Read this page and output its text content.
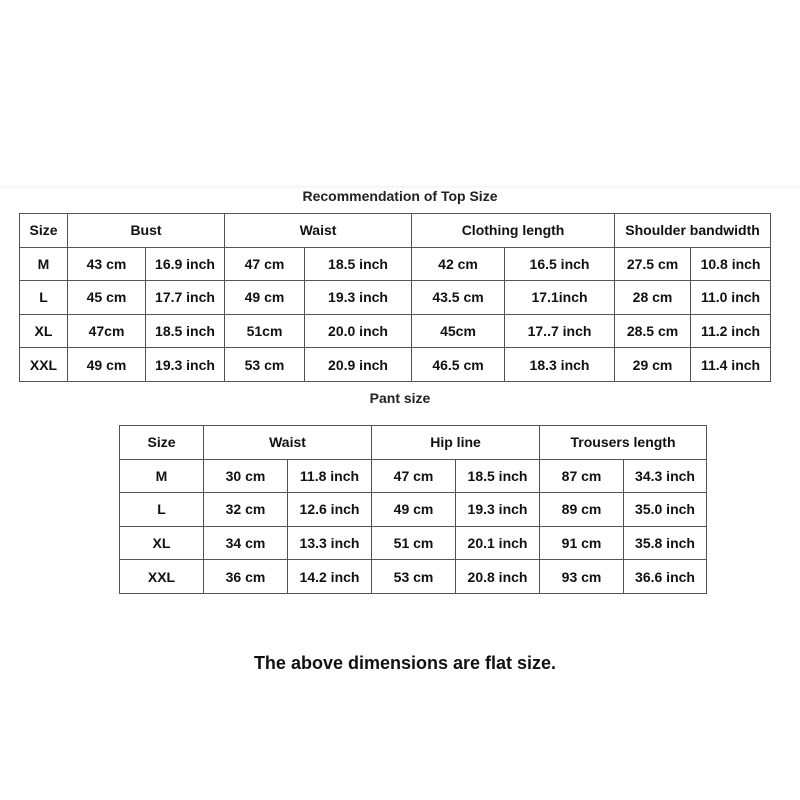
Recommendation of Top Size
Size	Bust		Waist		Clothing length		Shoulder bandwidth	
M	43 cm	16.9 inch	47 cm	18.5 inch	42 cm	16.5 inch	27.5 cm	10.8 inch
L	45 cm	17.7 inch	49 cm	19.3 inch	43.5 cm	17.1inch	28 cm	11.0 inch
XL	47cm	18.5 inch	51cm	20.0 inch	45cm	17..7 inch	28.5 cm	11.2 inch
XXL	49 cm	19.3 inch	53 cm	20.9 inch	46.5 cm	18.3 inch	29 cm	11.4 inch
Pant size
Size	Waist		Hip line		Trousers length	
M	30 cm	11.8 inch	47 cm	18.5 inch	87 cm	34.3 inch
L	32 cm	12.6 inch	49 cm	19.3 inch	89 cm	35.0 inch
XL	34 cm	13.3 inch	51 cm	20.1 inch	91 cm	35.8 inch
XXL	36 cm	14.2 inch	53 cm	20.8 inch	93 cm	36.6 inch
The above dimensions are flat size.
